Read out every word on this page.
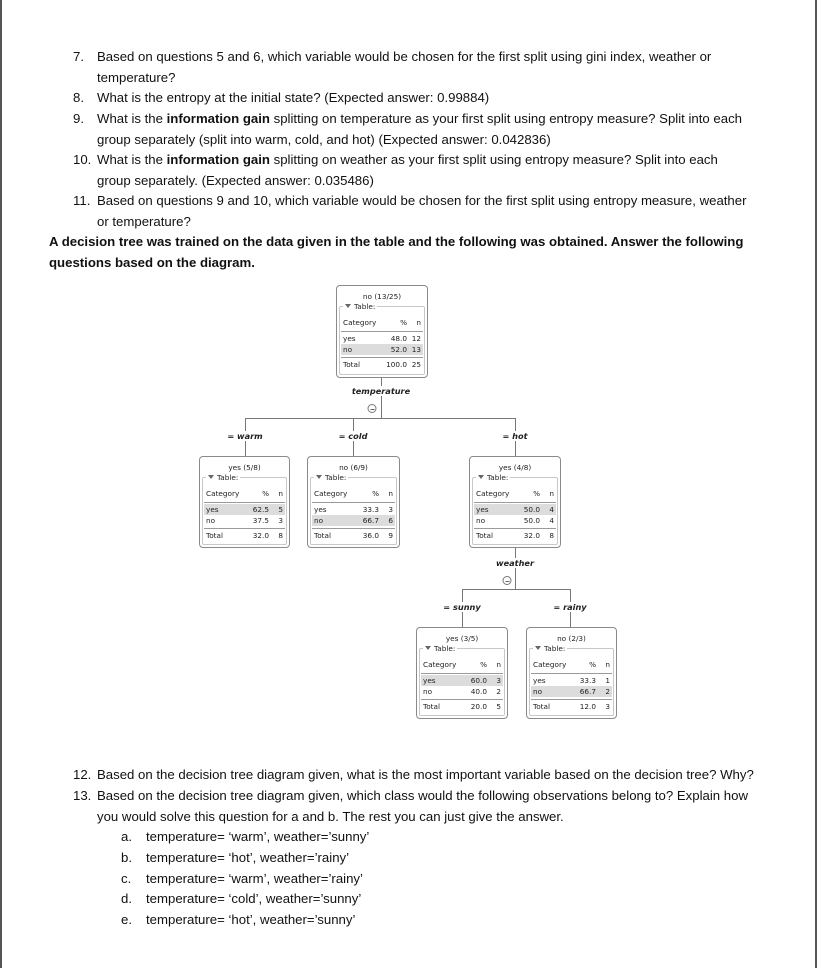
7. Based on questions 5 and 6, which variable would be chosen for the first split using gini index, weather or
temperature?
8. What is the entropy at the initial state? (Expected answer: 0.99884)
9. What is the information gain splitting on temperature as your first split using entropy measure? Split into each
group separately (split into warm, cold, and hot) (Expected answer: 0.042836)
10. What is the information gain splitting on weather as your first split using entropy measure? Split into each
group separately. (Expected answer: 0.035486)
11. Based on questions 9 and 10, which variable would be chosen for the first split using entropy measure, weather
or temperature?
A decision tree was trained on the data given in the table and the following was obtained. Answer the following
questions based on the diagram.
temperature
= warm	= cold	= hot
weather
= sunny	= rainy
no (13/25)
Table:
Category	% n
yes	48.0 12
no	52.0 13
Total	100.0 25
yes (5/8)
Table:
Category	% n
yes	62.5 5
no	37.5 3
Total	32.0 8
no (6/9)
Table:
Category	% n
yes	33.3 3
no	66.7 6
Total	36.0 9
yes (4/8)
Table:
Category	% n
yes	50.0 4
no	50.0 4
Total	32.0 8
yes (3/5)
Table:
Category	% n
yes	60.0 3
no	40.0 2
Total	20.0 5
no (2/3)
Table:
Category	% n
yes	33.3 1
no	66.7 2
Total	12.0 3
12. Based on the decision tree diagram given, what is the most important variable based on the decision tree? Why?
13. Based on the decision tree diagram given, which class would the following observations belong to? Explain how
you would solve this question for a and b. The rest you can just give the answer.
a. temperature= ‘warm’, weather=’sunny’
b. temperature= ‘hot’, weather=’rainy’
c. temperature= ‘warm’, weather=’rainy’
d. temperature= ‘cold’, weather=’sunny’
e. temperature= ‘hot’, weather=’sunny’
